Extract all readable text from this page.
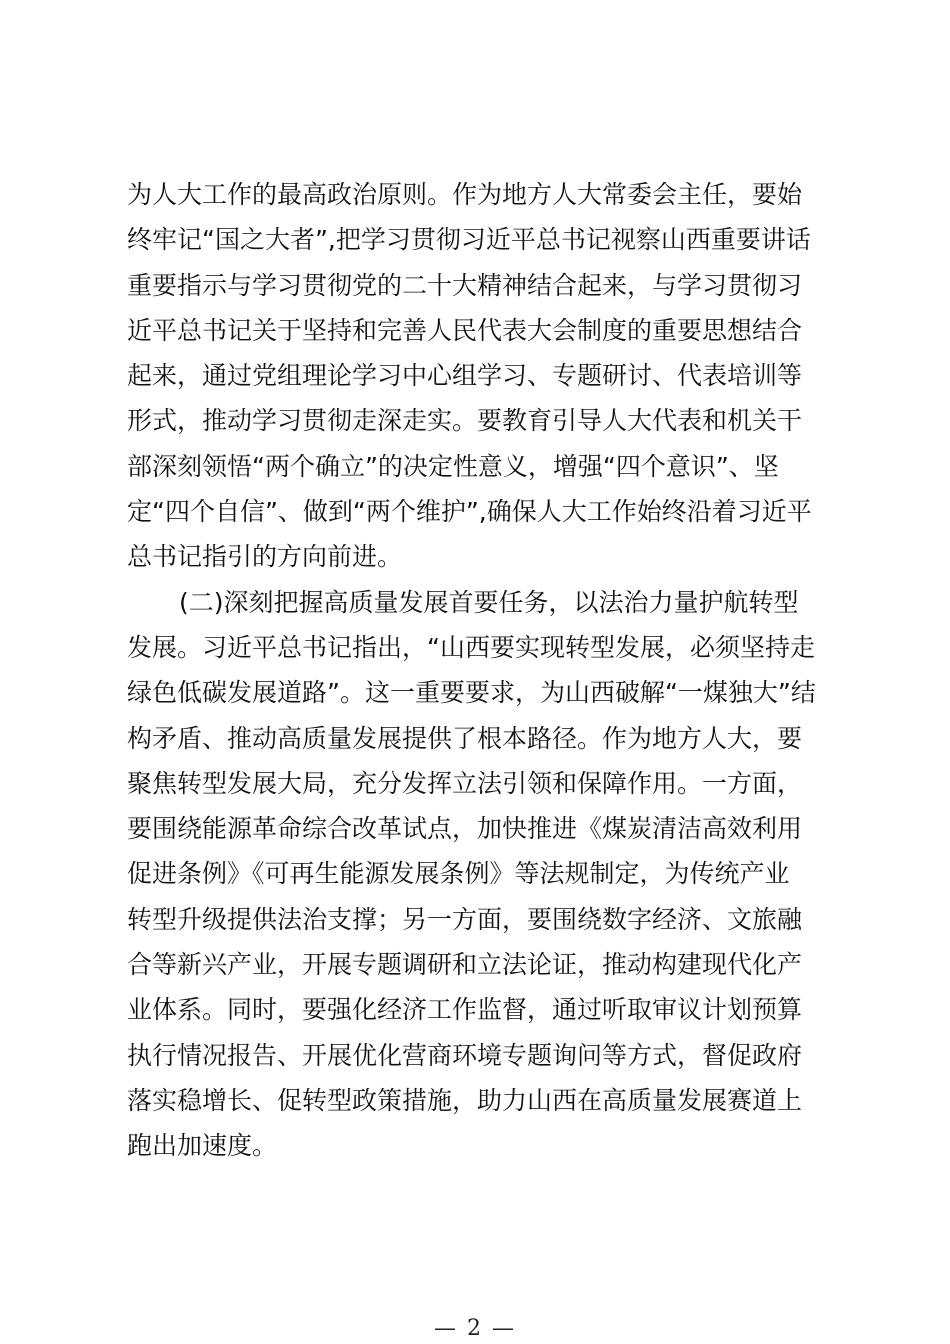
为人大工作的最高政治原则。作为地方人大常委会主任，要始
终牢记“国之大者”,把学习贯彻习近平总书记视察山西重要讲话
重要指示与学习贯彻党的二十大精神结合起来，与学习贯彻习
近平总书记关于坚持和完善人民代表大会制度的重要思想结合
起来，通过党组理论学习中心组学习、专题研讨、代表培训等
形式，推动学习贯彻走深走实。要教育引导人大代表和机关干
部深刻领悟“两个确立”的决定性意义，增强“四个意识”、坚
定“四个自信”、做到“两个维护”,确保人大工作始终沿着习近平
总书记指引的方向前进。
(二)深刻把握高质量发展首要任务，以法治力量护航转型
发展。习近平总书记指出，“山西要实现转型发展，必须坚持走
绿色低碳发展道路”。这一重要要求，为山西破解“一煤独大”结
构矛盾、推动高质量发展提供了根本路径。作为地方人大，要
聚焦转型发展大局，充分发挥立法引领和保障作用。一方面，
要围绕能源革命综合改革试点，加快推进《煤炭清洁高效利用
促进条例》《可再生能源发展条例》等法规制定，为传统产业
转型升级提供法治支撑；另一方面，要围绕数字经济、文旅融
合等新兴产业，开展专题调研和立法论证，推动构建现代化产
业体系。同时，要强化经济工作监督，通过听取审议计划预算
执行情况报告、开展优化营商环境专题询问等方式，督促政府
落实稳增长、促转型政策措施，助力山西在高质量发展赛道上
跑出加速度。
— 2 —
